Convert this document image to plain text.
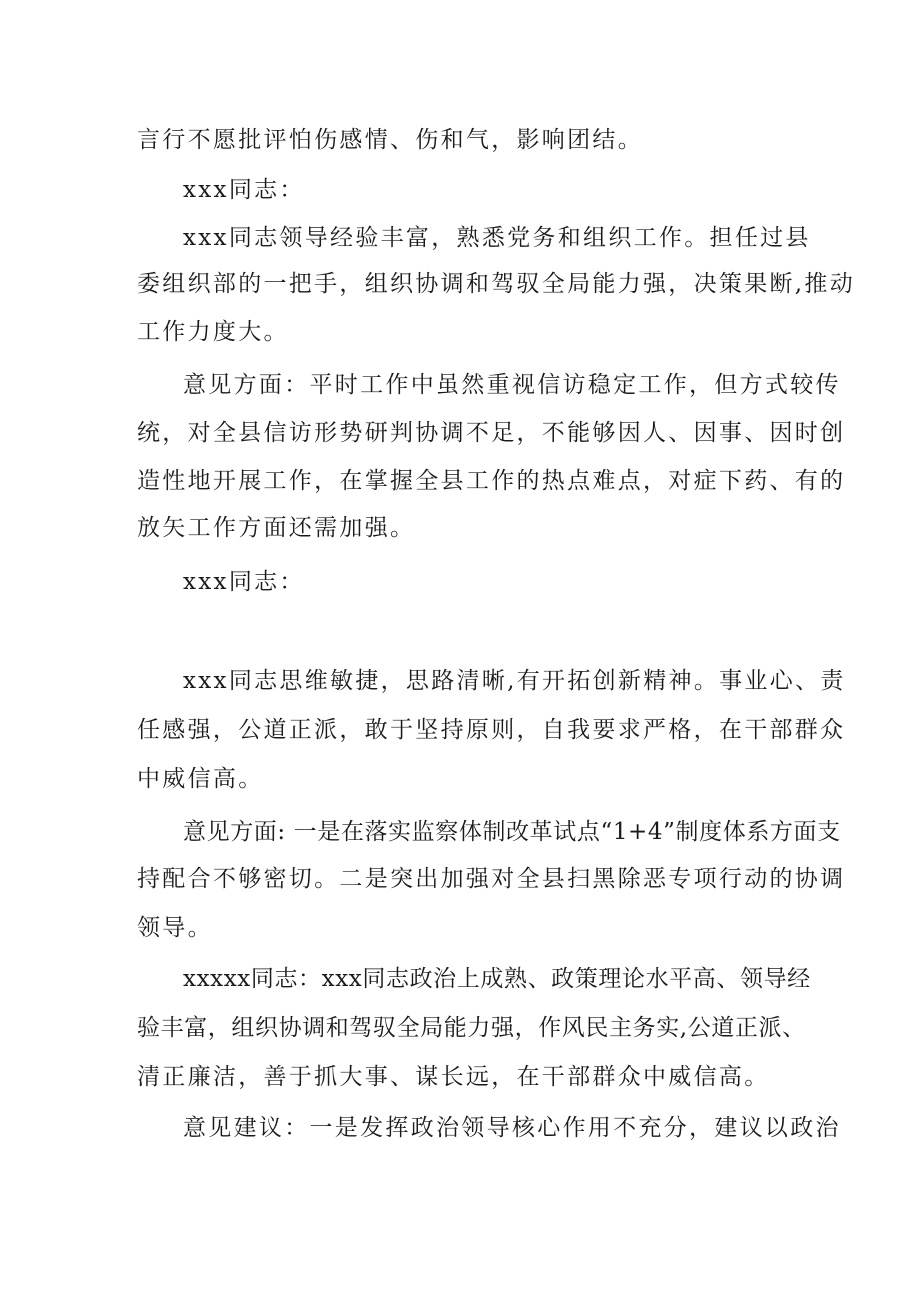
言行不愿批评怕伤感情、伤和气，影响团结。
xxx同志：
xxx同志领导经验丰富，熟悉党务和组织工作。担任过县
委组织部的一把手，组织协调和驾驭全局能力强，决策果断,推动
工作力度大。
意见方面：平时工作中虽然重视信访稳定工作，但方式较传
统，对全县信访形势研判协调不足，不能够因人、因事、因时创
造性地开展工作，在掌握全县工作的热点难点，对症下药、有的
放矢工作方面还需加强。
xxx同志：
xxx同志思维敏捷，思路清晰,有开拓创新精神。事业心、责
任感强，公道正派，敢于坚持原则，自我要求严格，在干部群众
中威信高。
意见方面: 一是在落实监察体制改革试点“1+4”制度体系方面支
持配合不够密切。二是突出加强对全县扫黑除恶专项行动的协调
领导。
xxxxx同志：xxx同志政治上成熟、政策理论水平高、领导经
验丰富，组织协调和驾驭全局能力强，作风民主务实,公道正派、
清正廉洁，善于抓大事、谋长远，在干部群众中威信高。
意见建议：一是发挥政治领导核心作用不充分，建议以政治
